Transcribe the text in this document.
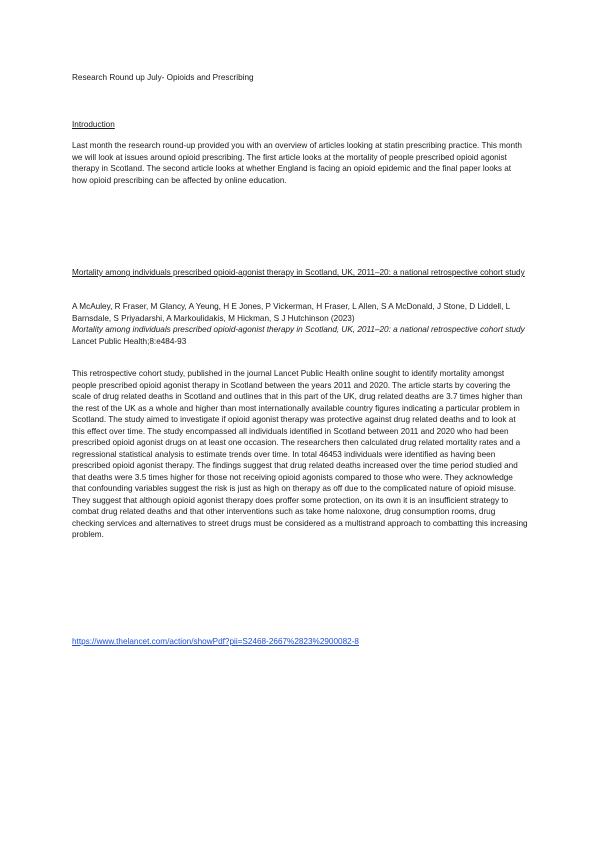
Research Round up July- Opioids and Prescribing
Introduction

Last month the research round-up provided you with an overview of articles looking at statin prescribing practice. This month we will look at issues around opioid prescribing. The first article looks at the mortality of people prescribed opioid agonist therapy in Scotland. The second article looks at whether England is facing an opioid epidemic and the final paper looks at how opioid prescribing can be affected by online education.

Mortality among individuals prescribed opioid-agonist therapy in Scotland, UK, 2011–20: a national retrospective cohort study

A McAuley, R Fraser, M Glancy, A Yeung, H E Jones, P Vickerman, H Fraser, L Allen, S A McDonald, J Stone, D Liddell, L Barnsdale, S Priyadarshi, A Markoulidakis, M Hickman, S J Hutchinson (2023)
Mortality among individuals prescribed opioid-agonist therapy in Scotland, UK, 2011–20: a national retrospective cohort study Lancet Public Health;8:e484-93

This retrospective cohort study, published in the journal Lancet Public Health online sought to identify mortality amongst people prescribed opioid agonist therapy in Scotland between the years 2011 and 2020. The article starts by covering the scale of drug related deaths in Scotland and outlines that in this part of the UK, drug related deaths are 3.7 times higher than the rest of the UK as a whole and higher than most internationally available country figures indicating a particular problem in Scotland. The study aimed to investigate if opioid agonist therapy was protective against drug related deaths and to look at this effect over time. The study encompassed all individuals identified in Scotland between 2011 and 2020 who had been prescribed opioid agonist drugs on at least one occasion. The researchers then calculated drug related mortality rates and a regressional statistical analysis to estimate trends over time. In total 46453 individuals were identified as having been prescribed opioid agonist therapy. The findings suggest that drug related deaths increased over the time period studied and that deaths were 3.5 times higher for those not receiving opioid agonists compared to those who were. They acknowledge that confounding variables suggest the risk is just as high on therapy as off due to the complicated nature of opioid misuse. They suggest that although opioid agonist therapy does proffer some protection, on its own it is an insufficient strategy to combat drug related deaths and that other interventions such as take home naloxone, drug consumption rooms, drug checking services and alternatives to street drugs must be considered as a multistrand approach to combatting this increasing problem.

https://www.thelancet.com/action/showPdf?pii=S2468-2667%2823%2900082-8
